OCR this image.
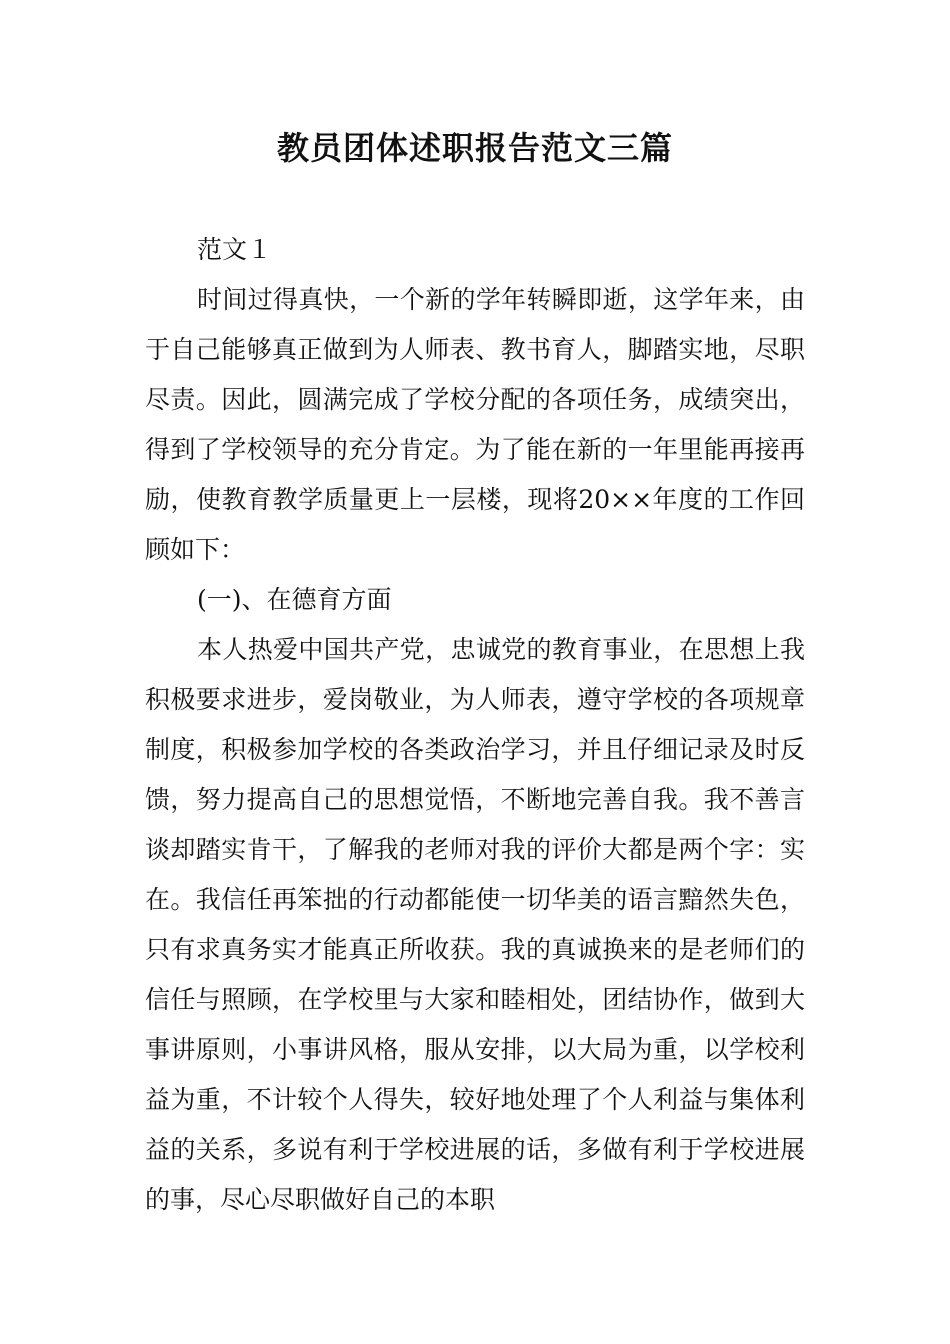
教员团体述职报告范文三篇

范文１

时间过得真快，一个新的学年转瞬即逝，这学年来，由于自己能够真正做到为人师表、教书育人，脚踏实地，尽职尽责。因此，圆满完成了学校分配的各项任务，成绩突出，得到了学校领导的充分肯定。为了能在新的一年里能再接再励，使教育教学质量更上一层楼，现将20××年度的工作回顾如下：

(一)、在德育方面

本人热爱中国共产党，忠诚党的教育事业，在思想上我积极要求进步，爱岗敬业，为人师表，遵守学校的各项规章制度，积极参加学校的各类政治学习，并且仔细记录及时反馈，努力提高自己的思想觉悟，不断地完善自我。我不善言谈却踏实肯干，了解我的老师对我的评价大都是两个字：实在。我信任再笨拙的行动都能使一切华美的语言黯然失色，只有求真务实才能真正所收获。我的真诚换来的是老师们的信任与照顾，在学校里与大家和睦相处，团结协作，做到大事讲原则，小事讲风格，服从安排，以大局为重，以学校利益为重，不计较个人得失，较好地处理了个人利益与集体利益的关系，多说有利于学校进展的话，多做有利于学校进展的事，尽心尽职做好自己的本职
